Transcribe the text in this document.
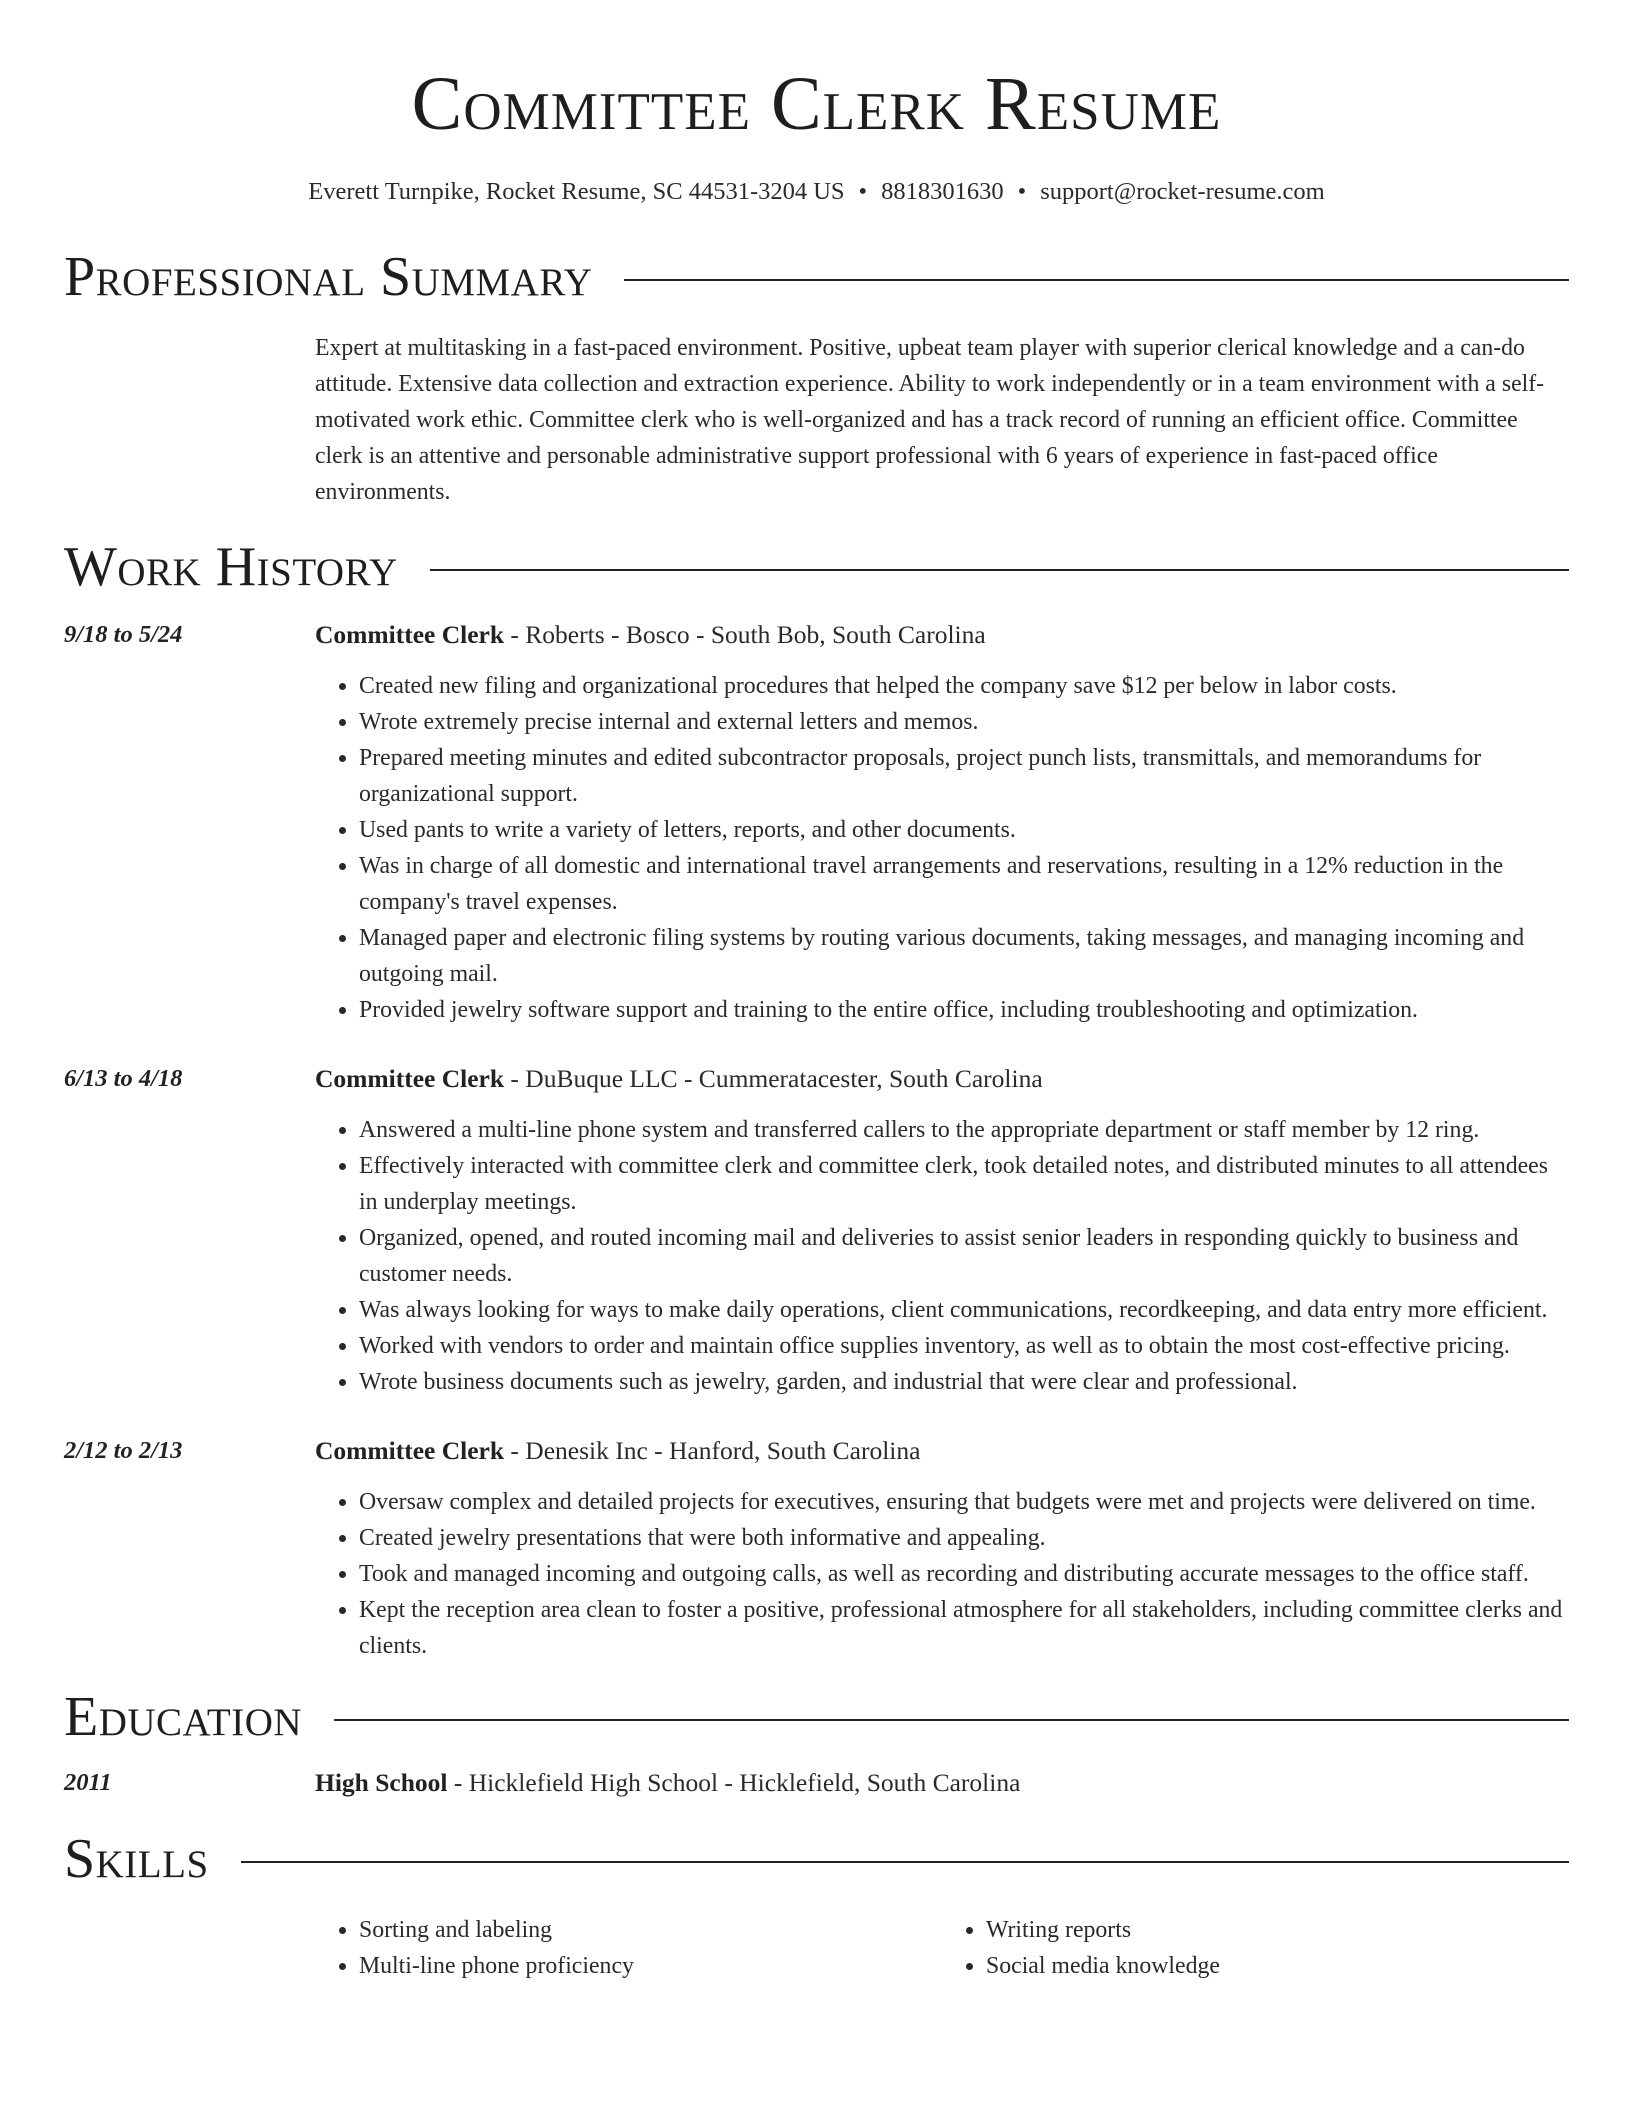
Committee Clerk Resume
Everett Turnpike, Rocket Resume, SC 44531-3204 US • 8818301630 • support@rocket-resume.com
Professional Summary
Expert at multitasking in a fast-paced environment. Positive, upbeat team player with superior clerical knowledge and a can-do attitude. Extensive data collection and extraction experience. Ability to work independently or in a team environment with a self-motivated work ethic. Committee clerk who is well-organized and has a track record of running an efficient office. Committee clerk is an attentive and personable administrative support professional with 6 years of experience in fast-paced office environments.
Work History
9/18 to 5/24	Committee Clerk - Roberts - Bosco - South Bob, South Carolina
• Created new filing and organizational procedures that helped the company save $12 per below in labor costs.
• Wrote extremely precise internal and external letters and memos.
• Prepared meeting minutes and edited subcontractor proposals, project punch lists, transmittals, and memorandums for organizational support.
• Used pants to write a variety of letters, reports, and other documents.
• Was in charge of all domestic and international travel arrangements and reservations, resulting in a 12% reduction in the company's travel expenses.
• Managed paper and electronic filing systems by routing various documents, taking messages, and managing incoming and outgoing mail.
• Provided jewelry software support and training to the entire office, including troubleshooting and optimization.
6/13 to 4/18	Committee Clerk - DuBuque LLC - Cummeratacester, South Carolina
• Answered a multi-line phone system and transferred callers to the appropriate department or staff member by 12 ring.
• Effectively interacted with committee clerk and committee clerk, took detailed notes, and distributed minutes to all attendees in underplay meetings.
• Organized, opened, and routed incoming mail and deliveries to assist senior leaders in responding quickly to business and customer needs.
• Was always looking for ways to make daily operations, client communications, recordkeeping, and data entry more efficient.
• Worked with vendors to order and maintain office supplies inventory, as well as to obtain the most cost-effective pricing.
• Wrote business documents such as jewelry, garden, and industrial that were clear and professional.
2/12 to 2/13	Committee Clerk - Denesik Inc - Hanford, South Carolina
• Oversaw complex and detailed projects for executives, ensuring that budgets were met and projects were delivered on time.
• Created jewelry presentations that were both informative and appealing.
• Took and managed incoming and outgoing calls, as well as recording and distributing accurate messages to the office staff.
• Kept the reception area clean to foster a positive, professional atmosphere for all stakeholders, including committee clerks and clients.
Education
2011	High School - Hicklefield High School - Hicklefield, South Carolina
Skills
• Sorting and labeling
• Multi-line phone proficiency
• Writing reports
• Social media knowledge
